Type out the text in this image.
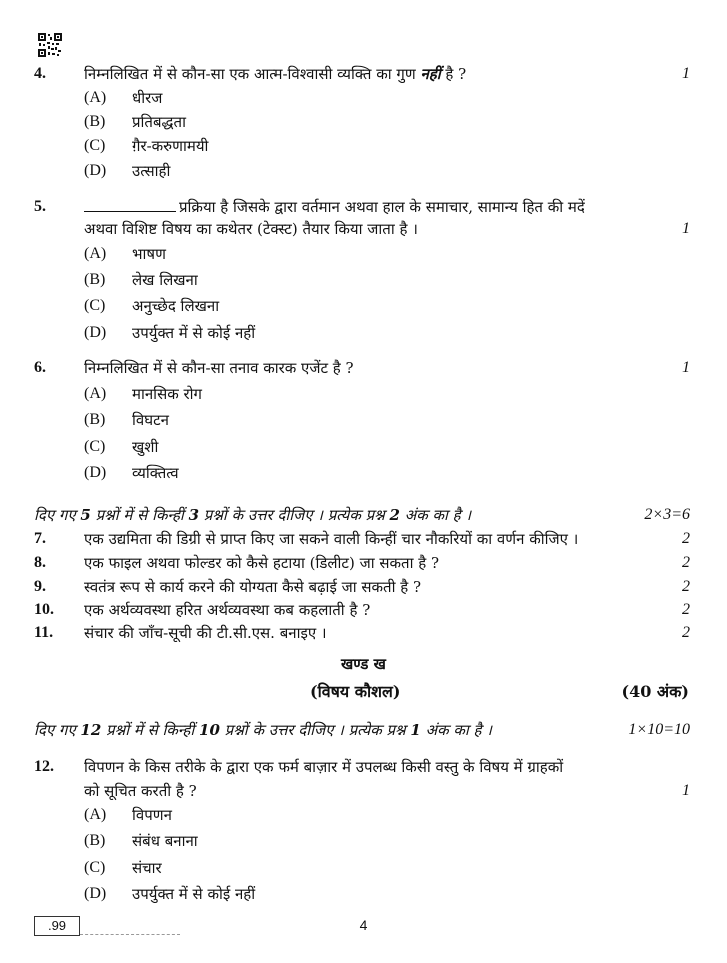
4.	निम्नलिखित में से कौन-सा एक आत्म-विश्वासी व्यक्ति का गुण नहीं है ?	1
(A) धीरज
(B) प्रतिबद्धता
(C) ग़ैर-करुणामयी
(D) उत्साही
5.	प्रक्रिया है जिसके द्वारा वर्तमान अथवा हाल के समाचार, सामान्य हित की मदें
अथवा विशिष्ट विषय का कथेतर (टेक्स्ट) तैयार किया जाता है ।	1
(A) भाषण
(B) लेख लिखना
(C) अनुच्छेद लिखना
(D) उपर्युक्त में से कोई नहीं
6.	निम्नलिखित में से कौन-सा तनाव कारक एजेंट है ?	1
(A) मानसिक रोग
(B) विघटन
(C) खुशी
(D) व्यक्तित्व
दिए गए 5 प्रश्नों में से किन्हीं 3 प्रश्नों के उत्तर दीजिए । प्रत्येक प्रश्न 2 अंक का है ।	2×3=6
7.	एक उद्यमिता की डिग्री से प्राप्त किए जा सकने वाली किन्हीं चार नौकरियों का वर्णन कीजिए ।	2
8.	एक फाइल अथवा फोल्डर को कैसे हटाया (डिलीट) जा सकता है ?	2
9.	स्वतंत्र रूप से कार्य करने की योग्यता कैसे बढ़ाई जा सकती है ?	2
10. एक अर्थव्यवस्था हरित अर्थव्यवस्था कब कहलाती है ?	2
11. संचार की जाँच-सूची की टी.सी.एस. बनाइए ।	2
खण्ड ख
(विषय कौशल)	(40 अंक)
दिए गए 12 प्रश्नों में से किन्हीं 10 प्रश्नों के उत्तर दीजिए । प्रत्येक प्रश्न 1 अंक का है ।	1×10=10
12. विपणन के किस तरीके के द्वारा एक फर्म बाज़ार में उपलब्ध किसी वस्तु के विषय में ग्राहकों
को सूचित करती है ?	1
(A) विपणन
(B) संबंध बनाना
(C) संचार
(D) उपर्युक्त में से कोई नहीं
.99	4
